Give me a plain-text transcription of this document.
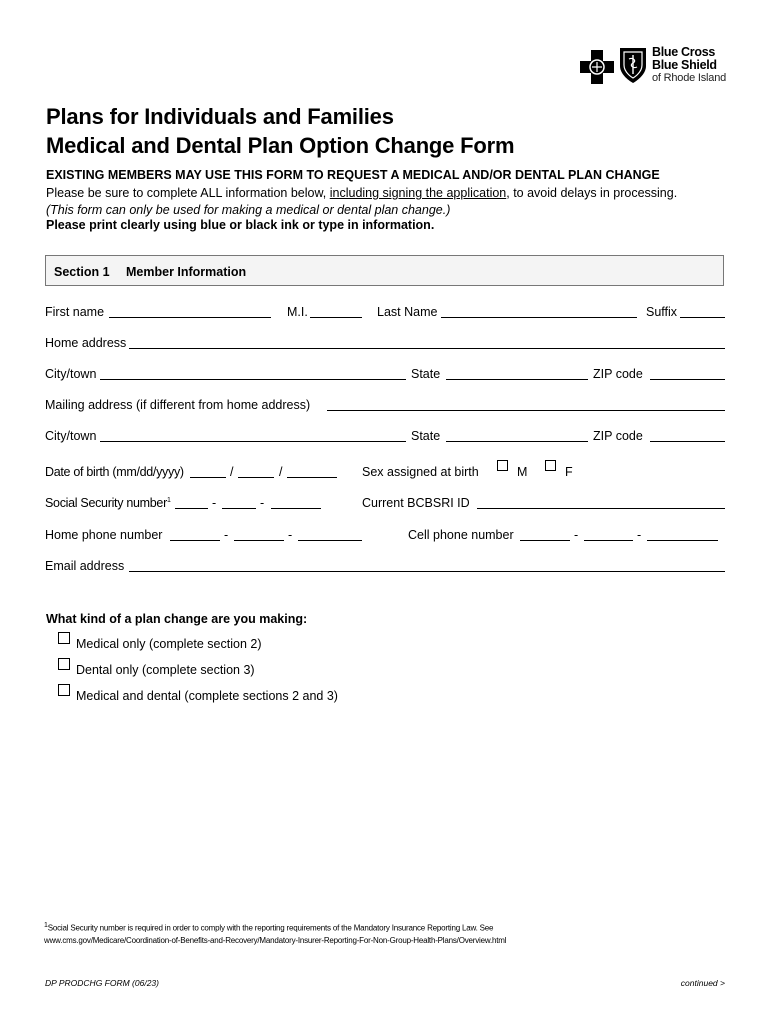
Blue Cross
Blue Shield
of Rhode Island
Plans for Individuals and Families
Medical and Dental Plan Option Change Form
EXISTING MEMBERS MAY USE THIS FORM TO REQUEST A MEDICAL AND/OR DENTAL PLAN CHANGE
Please be sure to complete ALL information below, including signing the application, to avoid delays in processing.
(This form can only be used for making a medical or dental plan change.)
Please print clearly using blue or black ink or type in information.
Section 1 Member Information
First name	M.I.	Last Name	Suffix
Home address
City/town	State	ZIP code
Mailing address (if different from home address)
City/town	State	ZIP code
Date of birth (mm/dd/yyyy)	/	/	Sex assigned at birth	M	F
Social Security number$^1$	-	-	Current BCBSRI ID
Home phone number	-	-	Cell phone number	-	-
Email address
What kind of a plan change are you making:
Medical only (complete section 2)
Dental only (complete section 3)
Medical and dental (complete sections 2 and 3)
$^1$Social Security number is required in order to comply with the reporting requirements of the Mandatory Insurance Reporting Law. See
www.cms.gov/Medicare/Coordination-of-Benefits-and-Recovery/Mandatory-Insurer-Reporting-For-Non-Group-Health-Plans/Overview.html
DP PRODCHG FORM (06/23)	continued >
